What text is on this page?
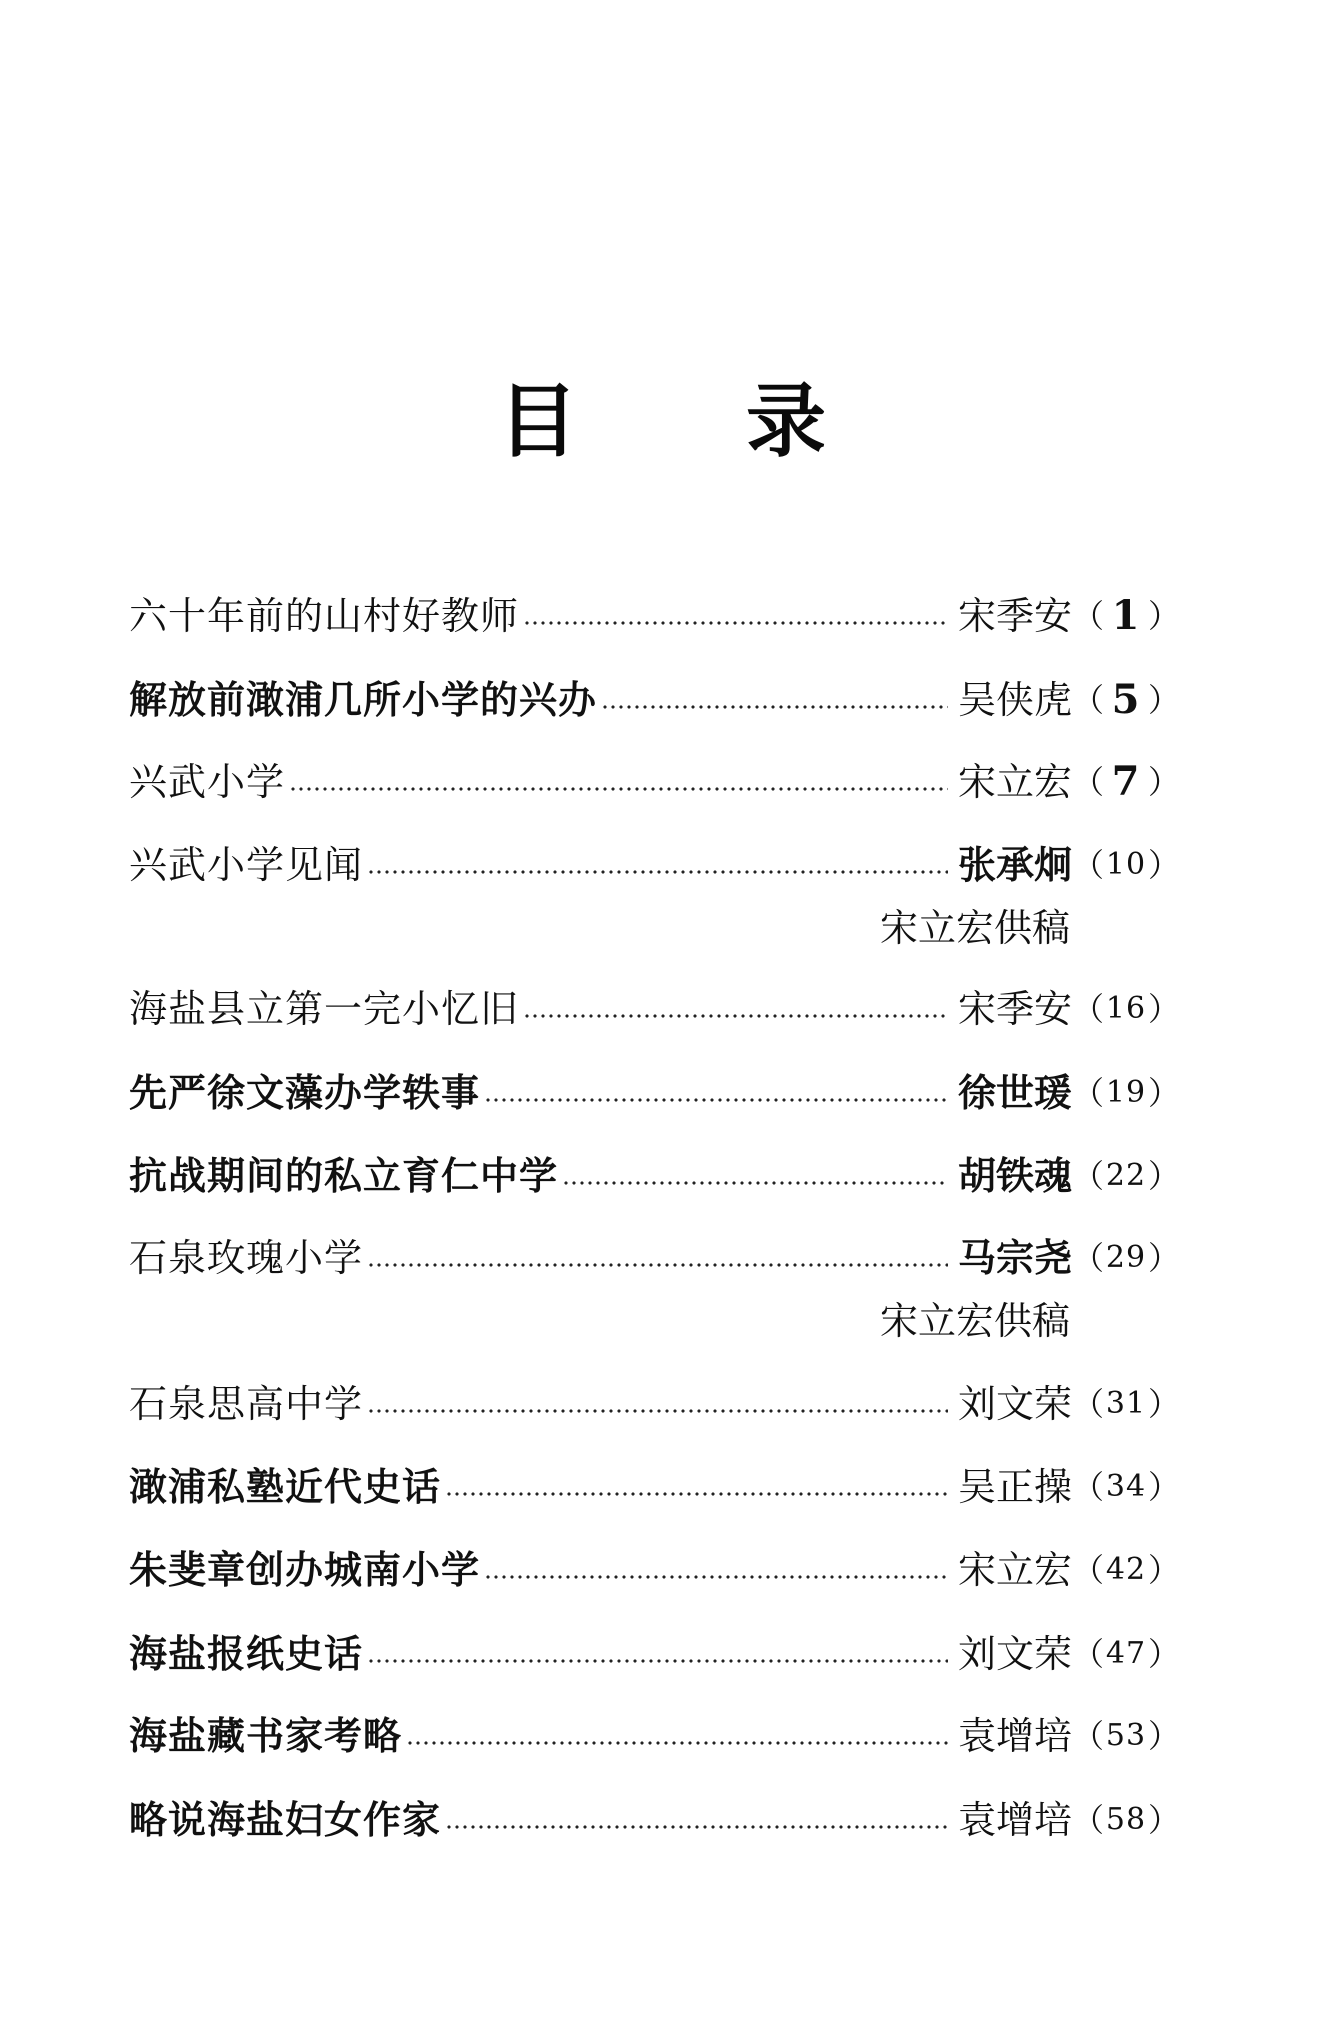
目 录
六十年前的山村好教师	宋季安 （ 1 ）
解放前澉浦几所小学的兴办	吴侠虎 （ 5 ）
兴武小学	宋立宏 （ 7 ）
兴武小学见闻	张承炯 （ 10 ）
宋立宏供稿
海盐县立第一完小忆旧	宋季安 （ 16 ）
先严徐文藻办学轶事	徐世瑗 （ 19 ）
抗战期间的私立育仁中学	胡铁魂 （ 22 ）
石泉玫瑰小学	马宗尧 （ 29 ）
宋立宏供稿
石泉思高中学	刘文荣 （ 31 ）
澉浦私塾近代史话	吴正操 （ 34 ）
朱斐章创办城南小学	宋立宏 （ 42 ）
海盐报纸史话	刘文荣 （ 47 ）
海盐藏书家考略	袁增培 （ 53 ）
略说海盐妇女作家	袁增培 （ 58 ）
